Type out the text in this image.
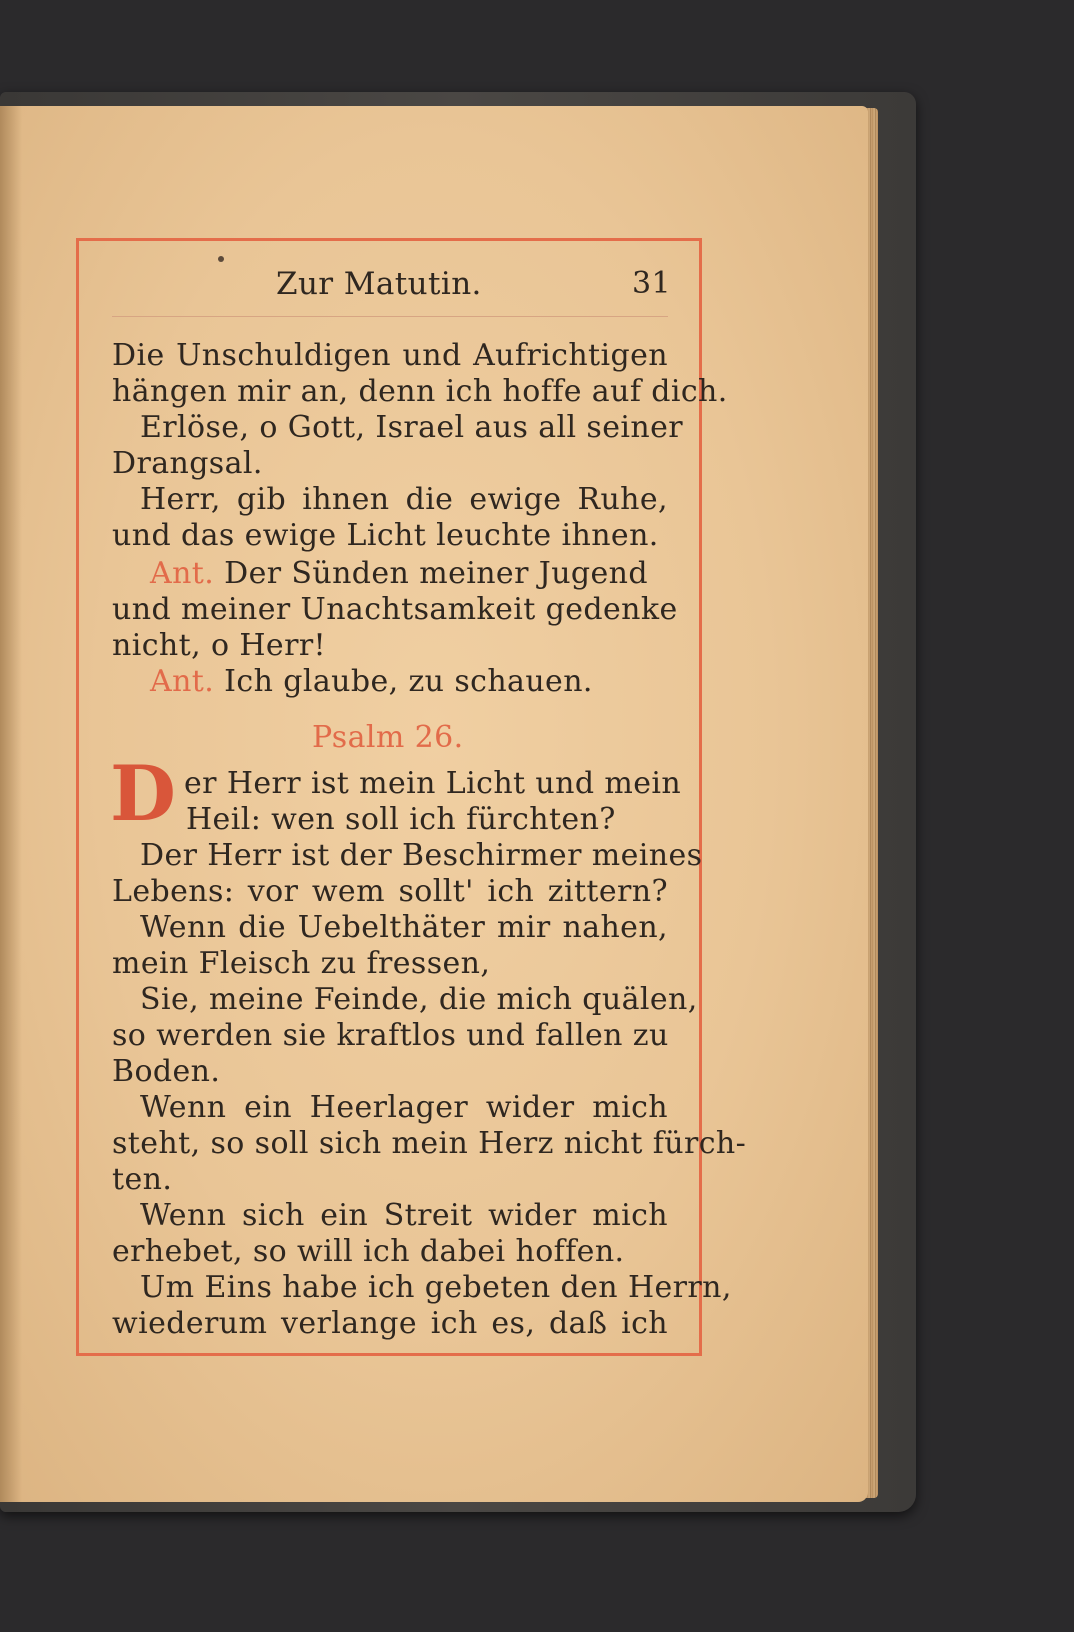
Zur Matutin.	31
Die Unschuldigen und Aufrichtigen
hängen mir an, denn ich hoffe auf dich.
Erlöse, o Gott, Israel aus all seiner
Drangsal.
Herr, gib ihnen die ewige Ruhe,
und das ewige Licht leuchte ihnen.
Ant. Der Sünden meiner Jugend
und meiner Unachtsamkeit gedenke
nicht, o Herr!
Ant. Ich glaube, zu schauen.
Psalm 26.
D er Herr ist mein Licht und mein
Heil: wen soll ich fürchten?
Der Herr ist der Beschirmer meines
Lebens: vor wem sollt' ich zittern?
Wenn die Uebelthäter mir nahen,
mein Fleisch zu fressen,
Sie, meine Feinde, die mich quälen,
so werden sie kraftlos und fallen zu
Boden.
Wenn ein Heerlager wider mich
steht, so soll sich mein Herz nicht fürch-
ten.
Wenn sich ein Streit wider mich
erhebet, so will ich dabei hoffen.
Um Eins habe ich gebeten den Herrn,
wiederum verlange ich es, daß ich
